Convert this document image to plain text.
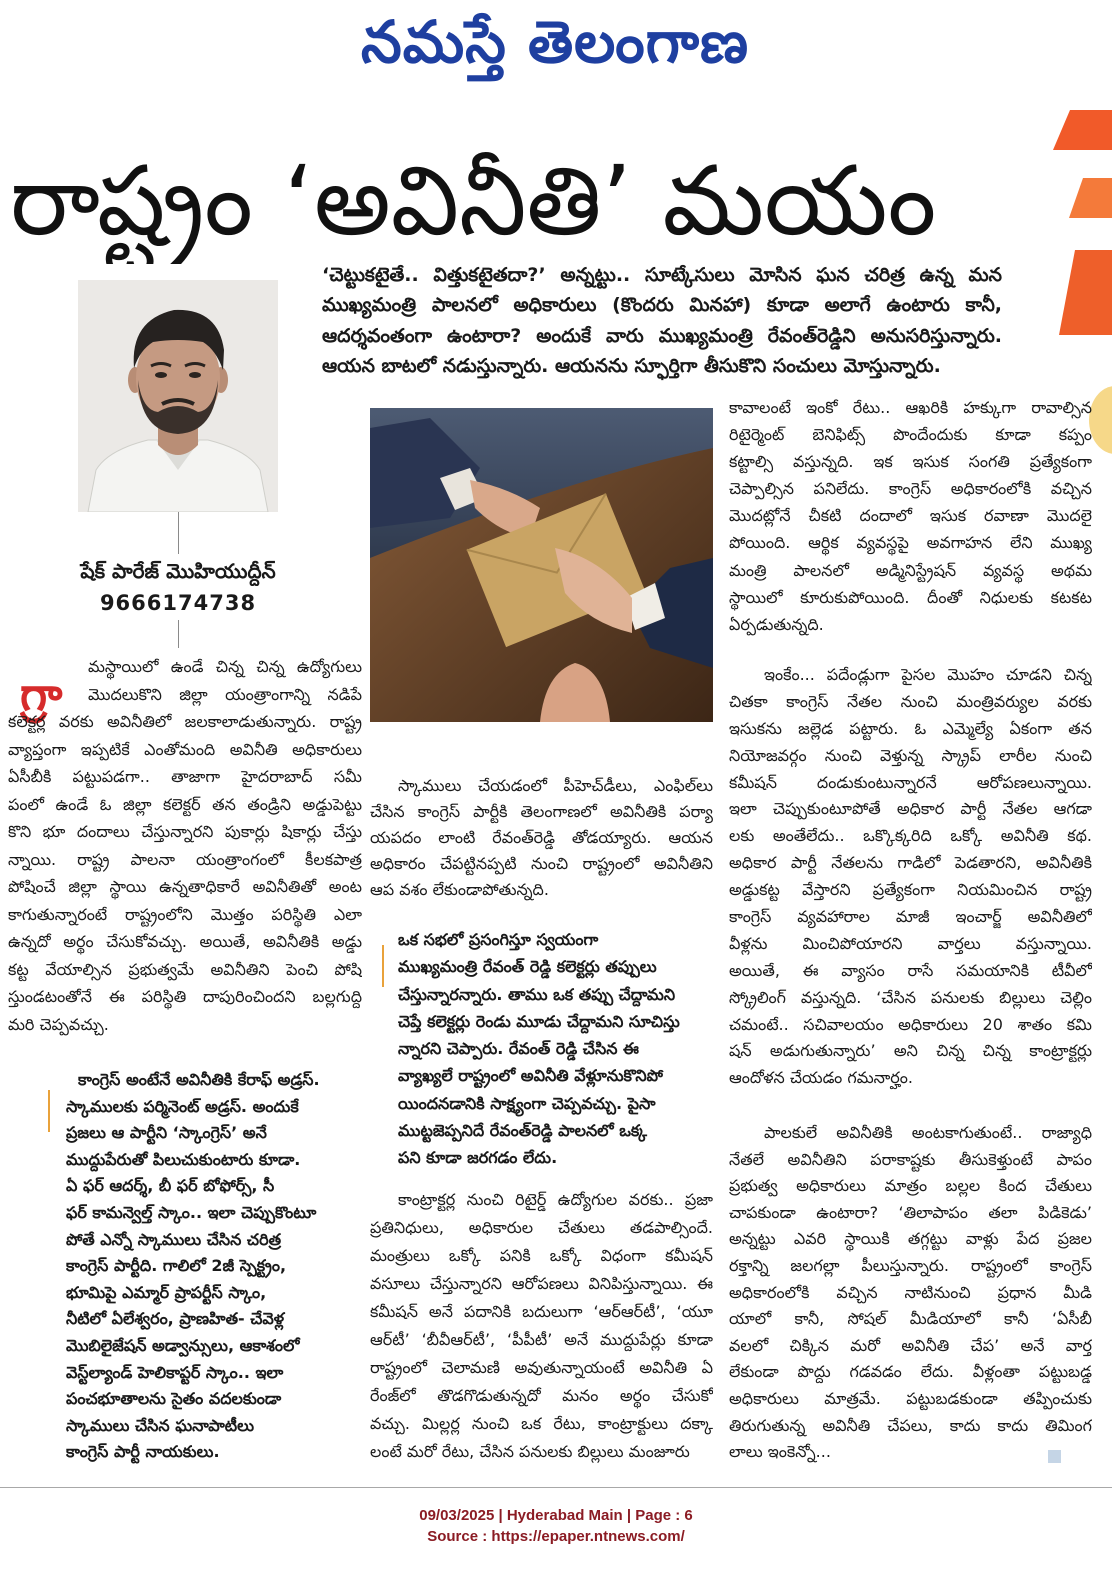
నమస్తే తెలంగాణ
రాష్ట్రం ‘అవినీతి’ మయం
‘చెట్టుకటైతే.. విత్తుకటైతదా?’ అన్నట్టు.. సూట్కేసులు మోసిన ఘన చరిత్ర ఉన్న మన
ముఖ్యమంత్రి పాలనలో అధికారులు (కొందరు మినహా) కూడా అలాగే ఉంటారు కానీ,
ఆదర్శవంతంగా ఉంటారా? అందుకే వారు ముఖ్యమంత్రి రేవంత్‌రెడ్డిని అనుసరిస్తున్నారు.
ఆయన బాటలో నడుస్తున్నారు. ఆయనను స్ఫూర్తిగా తీసుకొని సంచులు మోస్తున్నారు.
షేక్ పారేజ్ మొహియుద్దీన్
9666174738
గ్రా
మస్థాయిలో ఉండే చిన్న చిన్న ఉద్యోగులు
మొదలుకొని జిల్లా యంత్రాంగాన్ని నడిపే
కలెక్టర్ల వరకు అవినీతిలో జలకాలాడుతున్నారు. రాష్ట్ర
వ్యాప్తంగా ఇప్పటికే ఎంతోమంది అవినీతి అధికారులు
ఏసీబీకి పట్టుపడగా.. తాజాగా హైదరాబాద్ సమీ
పంలో ఉండే ఓ జిల్లా కలెక్టర్ తన తండ్రిని అడ్డుపెట్టు
కొని భూ దందాలు చేస్తున్నారని పుకార్లు షికార్లు చేస్తు
న్నాయి. రాష్ట్ర పాలనా యంత్రాంగంలో కీలకపాత్ర
పోషించే జిల్లా స్థాయి ఉన్నతాధికారే అవినీతితో అంట
కాగుతున్నారంటే రాష్ట్రంలోని మొత్తం పరిస్థితి ఎలా
ఉన్నదో అర్థం చేసుకోవచ్చు. అయితే, అవినీతికి అడ్డు
కట్ట వేయాల్సిన ప్రభుత్వమే అవినీతిని పెంచి పోషి
స్తుండటంతోనే ఈ పరిస్థితి దాపురించిందని బల్లగుద్ది
మరి చెప్పవచ్చు.
కాంగ్రెస్ అంటేనే అవినీతికి కేరాఫ్ అడ్రస్.
స్కాములకు పర్మినెంట్ అడ్రస్. అందుకే
ప్రజలు ఆ పార్టీని ‘స్కాంగ్రెస్’ అనే
ముద్దుపేరుతో పిలుచుకుంటారు కూడా.
ఏ ఫర్ ఆదర్శ్, బీ ఫర్ బోఫోర్స్, సీ
ఫర్ కామన్వెల్త్ స్కాం.. ఇలా చెప్పుకొంటూ
పోతే ఎన్నో స్కాములు చేసిన చరిత్ర
కాంగ్రెస్ పార్టీది. గాలిలో 2జీ స్పెక్ట్రం,
భూమిపై ఎమ్మార్ ప్రాపర్టీస్ స్కాం,
నీటిలో ఏలేశ్వరం, ప్రాణహిత- చేవెళ్ల
మొబిలైజేషన్ అడ్వాన్సులు, ఆకాశంలో
వెస్ట్‌ల్యాండ్ హెలికాప్టర్ స్కాం.. ఇలా
పంచభూతాలను సైతం వదలకుండా
స్కాములు చేసిన ఘనాపాటీలు
కాంగ్రెస్ పార్టీ నాయకులు.
స్కాములు చేయడంలో పీహెచ్‌డీలు, ఎంఫిల్‌లు
చేసిన కాంగ్రెస్ పార్టీకి తెలంగాణలో అవినీతికి పర్యా
యపదం లాంటి రేవంత్‌రెడ్డి తోడయ్యారు. ఆయన
అధికారం చేపట్టినప్పటి నుంచి రాష్ట్రంలో అవినీతిని
ఆప వశం లేకుండాపోతున్నది.
ఒక సభలో ప్రసంగిస్తూ స్వయంగా
ముఖ్యమంత్రి రేవంత్ రెడ్డి కలెక్టర్లు తప్పులు
చేస్తున్నారన్నారు. తాము ఒక తప్పు చేద్దామని
చెప్తే కలెక్టర్లు రెండు మూడు చేద్దామని సూచిస్తు
న్నారని చెప్పారు. రేవంత్ రెడ్డి చేసిన ఈ
వ్యాఖ్యలే రాష్ట్రంలో అవినీతి వేళ్లూనుకొనిపో
యిందనడానికి సాక్ష్యంగా చెప్పవచ్చు. పైసా
ముట్టజెప్పనిదే రేవంత్‌రెడ్డి పాలనలో ఒక్క
పని కూడా జరగడం లేదు.
కాంట్రాక్టర్ల నుంచి రిటైర్డ్ ఉద్యోగుల వరకు.. ప్రజా
ప్రతినిధులు, అధికారుల చేతులు తడపాల్సిందే.
మంత్రులు ఒక్కో పనికి ఒక్కో విధంగా కమీషన్
వసూలు చేస్తున్నారని ఆరోపణలు వినిపిస్తున్నాయి. ఈ
కమీషన్ అనే పదానికి బదులుగా ‘ఆర్‌ఆర్‌టీ’, ‘యూ
ఆర్‌టీ’ ‘బీవీఆర్‌టీ’, ‘పీపీటీ’ అనే ముద్దుపేర్లు కూడా
రాష్ట్రంలో చెలామణి అవుతున్నాయంటే అవినీతి ఏ
రేంజ్‌లో తొడగొడుతున్నదో మనం అర్థం చేసుకో
వచ్చు. మిల్లర్ల నుంచి ఒక రేటు, కాంట్రాక్టులు దక్కా
లంటే మరో రేటు, చేసిన పనులకు బిల్లులు మంజూరు
కావాలంటే ఇంకో రేటు.. ఆఖరికి హక్కుగా రావాల్సిన
రిటైర్మెంట్ బెనిఫిట్స్ పొందేందుకు కూడా కప్పం
కట్టాల్సి వస్తున్నది. ఇక ఇసుక సంగతి ప్రత్యేకంగా
చెప్పాల్సిన పనిలేదు. కాంగ్రెస్ అధికారంలోకి వచ్చిన
మొదట్లోనే చీకటి దందాలో ఇసుక రవాణా మొదలై
పోయింది. ఆర్థిక వ్యవస్థపై అవగాహన లేని ముఖ్య
మంత్రి పాలనలో అడ్మినిస్ట్రేషన్ వ్యవస్థ అథమ
స్థాయిలో కూరుకుపోయింది. దీంతో నిధులకు కటకట
ఏర్పడుతున్నది.
ఇంకేం... పదేండ్లుగా పైసల మొహం చూడని చిన్న
చితకా కాంగ్రెస్ నేతల నుంచి మంత్రివర్యుల వరకు
ఇసుకను జల్లెడ పట్టారు. ఓ ఎమ్మెల్యే ఏకంగా తన
నియోజవర్గం నుంచి వెళ్తున్న స్క్రాప్ లారీల నుంచి
కమీషన్ దండుకుంటున్నారనే ఆరోపణలున్నాయి.
ఇలా చెప్పుకుంటూపోతే అధికార పార్టీ నేతల ఆగడా
లకు అంతేలేదు.. ఒక్కొక్కరిది ఒక్కో అవినీతి కథ.
అధికార పార్టీ నేతలను గాడిలో పెడతారని, అవినీతికి
అడ్డుకట్ట వేస్తారని ప్రత్యేకంగా నియమించిన రాష్ట్ర
కాంగ్రెస్ వ్యవహారాల మాజీ ఇంచార్జ్ అవినీతిలో
వీళ్లను మించిపోయారని వార్తలు వస్తున్నాయి.
అయితే, ఈ వ్యాసం రాసే సమయానికి టీవీలో
స్క్రోలింగ్ వస్తున్నది. ‘చేసిన పనులకు బిల్లులు చెల్లిం
చమంటే.. సచివాలయం అధికారులు 20 శాతం కమి
షన్ అడుగుతున్నారు’ అని చిన్న చిన్న కాంట్రాక్టర్లు
ఆందోళన చేయడం గమనార్హం.
పాలకులే అవినీతికి అంటకాగుతుంటే.. రాజ్యాధి
నేతలే అవినీతిని పరాకాష్టకు తీసుకెళ్తుంటే పాపం
ప్రభుత్వ అధికారులు మాత్రం బల్లల కింద చేతులు
చాపకుండా ఉంటారా? ‘తిలాపాపం తలా పిడికెడు’
అన్నట్టు ఎవరి స్థాయికి తగ్గట్టు వాళ్లు పేద ప్రజల
రక్తాన్ని జలగల్లా పీలుస్తున్నారు. రాష్ట్రంలో కాంగ్రెస్
అధికారంలోకి వచ్చిన నాటినుంచి ప్రధాన మీడి
యాలో కానీ, సోషల్ మీడియాలో కానీ ‘ఏసీబీ
వలలో చిక్కిన మరో అవినీతి చేప’ అనే వార్త
లేకుండా పొద్దు గడవడం లేదు. వీళ్లంతా పట్టుబడ్డ
అధికారులు మాత్రమే. పట్టుబడకుండా తప్పించుకు
తిరుగుతున్న అవినీతి చేపలు, కాదు కాదు తిమింగ
లాలు ఇంకెన్నో...
09/03/2025 | Hyderabad Main | Page : 6
Source : https://epaper.ntnews.com/
